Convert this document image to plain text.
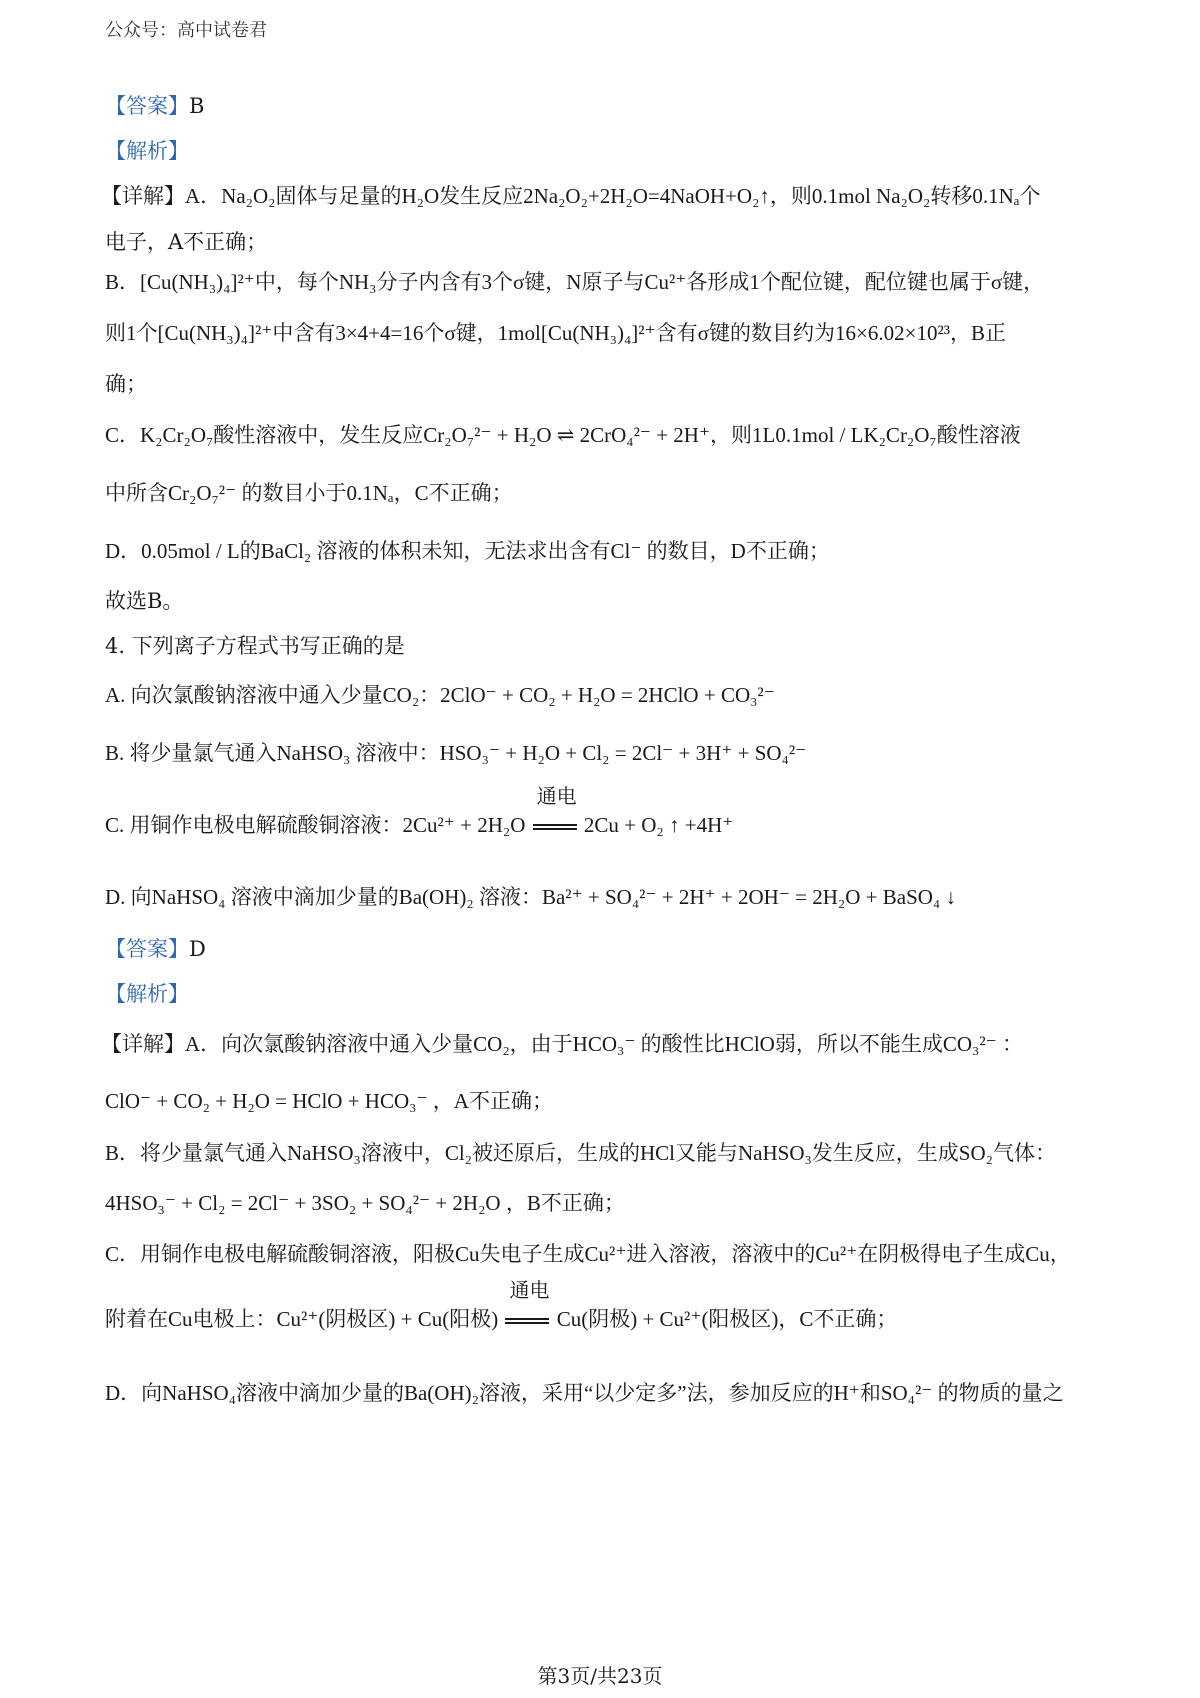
公众号：高中试卷君
【答案】B
【解析】
【详解】A．Na₂O₂固体与足量的H₂O发生反应2Na₂O₂+2H₂O=4NaOH+O₂↑，则0.1mol Na₂O₂转移0.1Nₐ个
电子，A不正确；
B．[Cu(NH₃)₄]²⁺中，每个NH₃分子内含有3个σ键，N原子与Cu²⁺各形成1个配位键，配位键也属于σ键，
则1个[Cu(NH₃)₄]²⁺中含有3×4+4=16个σ键，1mol[Cu(NH₃)₄]²⁺含有σ键的数目约为16×6.02×10²³，B正
确；
C．K₂Cr₂O₇酸性溶液中，发生反应Cr₂O₇²⁻ + H₂O ⇌ 2CrO₄²⁻ + 2H⁺，则1L0.1mol / LK₂Cr₂O₇酸性溶液
中所含Cr₂O₇²⁻ 的数目小于0.1Nₐ，C不正确；
D．0.05mol / L的BaCl₂ 溶液的体积未知，无法求出含有Cl⁻ 的数目，D不正确；
故选B。
4. 下列离子方程式书写正确的是
A. 向次氯酸钠溶液中通入少量CO₂：2ClO⁻ + CO₂ + H₂O = 2HClO + CO₃²⁻
B. 将少量氯气通入NaHSO₃ 溶液中：HSO₃⁻ + H₂O + Cl₂ = 2Cl⁻ + 3H⁺ + SO₄²⁻
C. 用铜作电极电解硫酸铜溶液：2Cu²⁺ + 2H₂O
通电
2Cu + O₂ ↑ +4H⁺
D. 向NaHSO₄ 溶液中滴加少量的Ba(OH)₂ 溶液：Ba²⁺ + SO₄²⁻ + 2H⁺ + 2OH⁻ = 2H₂O + BaSO₄ ↓
【答案】D
【解析】
【详解】A．向次氯酸钠溶液中通入少量CO₂，由于HCO₃⁻ 的酸性比HClO弱，所以不能生成CO₃²⁻ ：
ClO⁻ + CO₂ + H₂O = HClO + HCO₃⁻ ，A不正确；
B．将少量氯气通入NaHSO₃溶液中，Cl₂被还原后，生成的HCl又能与NaHSO₃发生反应，生成SO₂气体：
4HSO₃⁻ + Cl₂ = 2Cl⁻ + 3SO₂ + SO₄²⁻ + 2H₂O ，B不正确；
C．用铜作电极电解硫酸铜溶液，阳极Cu失电子生成Cu²⁺进入溶液，溶液中的Cu²⁺在阴极得电子生成Cu，
附着在Cu电极上：Cu²⁺(阴极区) + Cu(阳极)
通电
Cu(阴极) + Cu²⁺(阳极区)，C不正确；
D．向NaHSO₄溶液中滴加少量的Ba(OH)₂溶液，采用“以少定多”法，参加反应的H⁺和SO₄²⁻ 的物质的量之
第3页/共23页
